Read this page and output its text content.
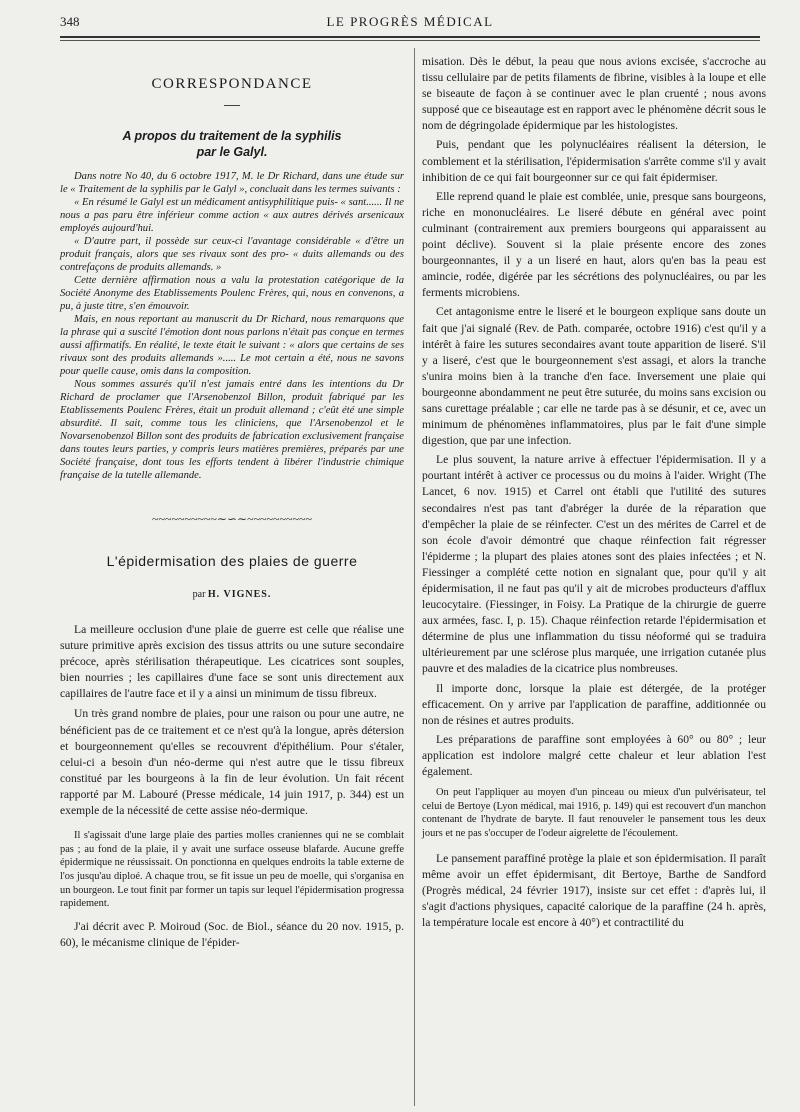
348	LE PROGRÈS MÉDICAL
CORRESPONDANCE
A propos du traitement de la syphilis
par le Galyl.

Dans notre No 40, du 6 octobre 1917, M. le Dr Richard, dans une étude sur le « Traitement de la syphilis par le Galyl », concluait dans les termes suivants :

« En résumé le Galyl est un médicament antisyphilitique puis- « sant...... Il ne nous a pas paru être inférieur comme action « aux autres dérivés arsenicaux employés aujourd'hui.

« D'autre part, il possède sur ceux-ci l'avantage considérable « d'être un produit français, alors que ses rivaux sont des pro- « duits allemands ou des contrefaçons de produits allemands. »

Cette dernière affirmation nous a valu la protestation catégorique de la Société Anonyme des Etablissements Poulenc Frères, qui, nous en convenons, a pu, à juste titre, s'en émouvoir.

Mais, en nous reportant au manuscrit du Dr Richard, nous remarquons que la phrase qui a suscité l'émotion dont nous parlons n'était pas conçue en termes aussi affirmatifs. En réalité, le texte était le suivant : « alors que certains de ses rivaux sont des produits allemands »..... Le mot certain a été, nous ne savons pour quelle cause, omis dans la composition.

Nous sommes assurés qu'il n'est jamais entré dans les intentions du Dr Richard de proclamer que l'Arsenobenzol Billon, produit fabriqué par les Etablissements Poulenc Frères, était un produit allemand ; c'eût été une simple absurdité. Il sait, comme tous les cliniciens, que l'Arsenobenzol et le Novarsenobenzol Billon sont des produits de fabrication exclusivement française dans toutes leurs parties, y compris leurs matières premières, préparés par une Société française, dont tous les efforts tendent à libérer l'industrie chimique française de la tutelle allemande.

~~~~~~~~~~∼∽∼~~~~~~~~~~
L'épidermisation des plaies de guerre
par H. VIGNES.

La meilleure occlusion d'une plaie de guerre est celle que réalise une suture primitive après excision des tissus attrits ou une suture secondaire précoce, après stérilisation thérapeutique. Les cicatrices sont souples, bien nourries ; les capillaires d'une face se sont unis directement aux capillaires de l'autre face et il y a ainsi un minimum de tissu fibreux.

Un très grand nombre de plaies, pour une raison ou pour une autre, ne bénéficient pas de ce traitement et ce n'est qu'à la longue, après détersion et bourgeonnement qu'elles se recouvrent d'épithélium. Pour s'étaler, celui-ci a besoin d'un néo-derme qui n'est autre que le tissu fibreux constitué par les bourgeons à la fin de leur évolution. Un fait récent rapporté par M. Labouré (Presse médicale, 14 juin 1917, p. 344) est un exemple de la nécessité de cette assise néo-dermique.

Il s'agissait d'une large plaie des parties molles craniennes qui ne se comblait pas ; au fond de la plaie, il y avait une surface osseuse blafarde. Aucune greffe épidermique ne réussissait. On ponctionna en quelques endroits la table externe de l'os jusqu'au diploé. A chaque trou, se fit issue un peu de moelle, qui s'organisa en un bourgeon. Le tout finit par former un tapis sur lequel l'épidermisation progressa rapidement.

J'ai décrit avec P. Moiroud (Soc. de Biol., séance du 20 nov. 1915, p. 60), le mécanisme clinique de l'épider-

misation. Dès le début, la peau que nous avions excisée, s'accroche au tissu cellulaire par de petits filaments de fibrine, visibles à la loupe et elle se biseaute de façon à se continuer avec le plan cruenté ; nous avons supposé que ce biseautage est en rapport avec le phénomène décrit sous le nom de dégringolade épidermique par les histologistes.

Puis, pendant que les polynucléaires réalisent la détersion, le comblement et la stérilisation, l'épidermisation s'arrête comme s'il y avait inhibition de ce qui fait bourgeonner sur ce qui fait épidermiser.

Elle reprend quand le plaie est comblée, unie, presque sans bourgeons, riche en mononucléaires. Le liseré débute en général avec point culminant (contrairement aux premiers bourgeons qui apparaissent au point déclive). Souvent si la plaie présente encore des zones bourgeonnantes, il y a un liseré en haut, alors qu'en bas la peau est amincie, rodée, digérée par les sécrétions des polynucléaires, ou par les ferments microbiens.

Cet antagonisme entre le liseré et le bourgeon explique sans doute un fait que j'ai signalé (Rev. de Path. comparée, octobre 1916) c'est qu'il y a intérêt à faire les sutures secondaires avant toute apparition de liseré. S'il y a liseré, c'est que le bourgeonnement s'est assagi, et alors la tranche s'unira moins bien à la tranche d'en face. Inversement une plaie qui bourgeonne abondamment ne peut être suturée, du moins sans excision ou sans curettage préalable ; car elle ne tarde pas à se désunir, et ce, avec un minimum de phénomènes inflammatoires, plus par le fait d'une simple digestion, que par une infection.

Le plus souvent, la nature arrive à effectuer l'épidermisation. Il y a pourtant intérêt à activer ce processus ou du moins à l'aider. Wright (The Lancet, 6 nov. 1915) et Carrel ont établi que l'utilité des sutures secondaires n'est pas tant d'abréger la durée de la réparation que d'empêcher la plaie de se réinfecter. C'est un des mérites de Carrel et de son école d'avoir démontré que chaque réinfection fait régresser l'épiderme ; la plupart des plaies atones sont des plaies infectées ; et N. Fiessinger a complété cette notion en signalant que, pour qu'il y ait épidermisation, il ne faut pas qu'il y ait de microbes producteurs d'afflux leucocytaire. (Fiessinger, in Foisy. La Pratique de la chirurgie de guerre aux armées, fasc. I, p. 15). Chaque réinfection retarde l'épidermisation et détermine de plus une inflammation du tissu néoformé qui se traduira ultérieurement par une sclérose plus marquée, une irrigation cutanée plus pauvre et des maladies de la cicatrice plus nombreuses.

Il importe donc, lorsque la plaie est détergée, de la protéger efficacement. On y arrive par l'application de paraffine, additionnée ou non de résines et autres produits.

Les préparations de paraffine sont employées à 60° ou 80° ; leur application est indolore malgré cette chaleur et leur ablation l'est également.

On peut l'appliquer au moyen d'un pinceau ou mieux d'un pulvérisateur, tel celui de Bertoye (Lyon médical, mai 1916, p. 149) qui est recouvert d'un manchon contenant de l'hydrate de baryte. Il faut renouveler le pansement tous les deux jours et ne pas s'occuper de l'odeur aigrelette de l'écoulement.

Le pansement paraffiné protège la plaie et son épidermisation. Il paraît même avoir un effet épidermisant, dit Bertoye, Barthe de Sandford (Progrès médical, 24 février 1917), insiste sur cet effet : d'après lui, il s'agit d'actions physiques, capacité calorique de la paraffine (24 h. après, la température locale est encore à 40°) et contractilité du
